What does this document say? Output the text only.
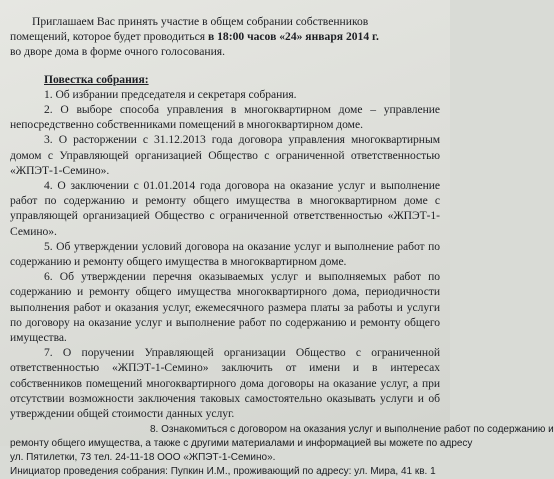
Приглашаем Вас принять участие в общем собрании собственников

помещений, которое будет проводиться в 18:00 часов «24» января 2014 г.
во дворе дома в форме очного голосования.
Повестка собрания:

1. Об избрании председателя и секретаря собрания.

2. О выборе способа управления в многоквартирном доме – управление непосредственно собственниками помещений в многоквартирном доме.

3. О расторжении с 31.12.2013 года договора управления многоквартирным домом с Управляющей организацией Общество с ограниченной ответственностью «ЖПЭТ-1-Семино».

4. О заключении с 01.01.2014 года договора на оказание услуг и выполнение работ по содержанию и ремонту общего имущества в многоквартирном доме с управляющей организацией Общество с ограниченной ответственностью «ЖПЭТ-1-Семино».

5. Об утверждении условий договора на оказание услуг и выполнение работ по содержанию и ремонту общего имущества в многоквартирном доме.

6. Об утверждении перечня оказываемых услуг и выполняемых работ по содержанию и ремонту общего имущества многоквартирного дома, периодичности выполнения работ и оказания услуг, ежемесячного размера платы за работы и услуги по договору на оказание услуг и выполнение работ по содержанию и ремонту общего имущества.

7. О поручении Управляющей организации Общество с ограниченной ответственностью «ЖПЭТ-1-Семино» заключить от имени и в интересах собственников помещений многоквартирного дома договоры на оказание услуг, а при отсутствии возможности заключения таковых самостоятельно оказывать услуги и об утверждении общей стоимости данных услуг.

8. Ознакомиться с договором на оказания услуг и выполнение работ по содержанию и
ремонту общего имущества, а также с другими материалами и информацией вы можете по адресу
ул. Пятилетки, 73 тел. 24-11-18 ООО «ЖПЭТ-1-Семино».
Инициатор проведения собрания: Пупкин И.М., проживающий по адресу: ул. Мира, 41 кв. 1
